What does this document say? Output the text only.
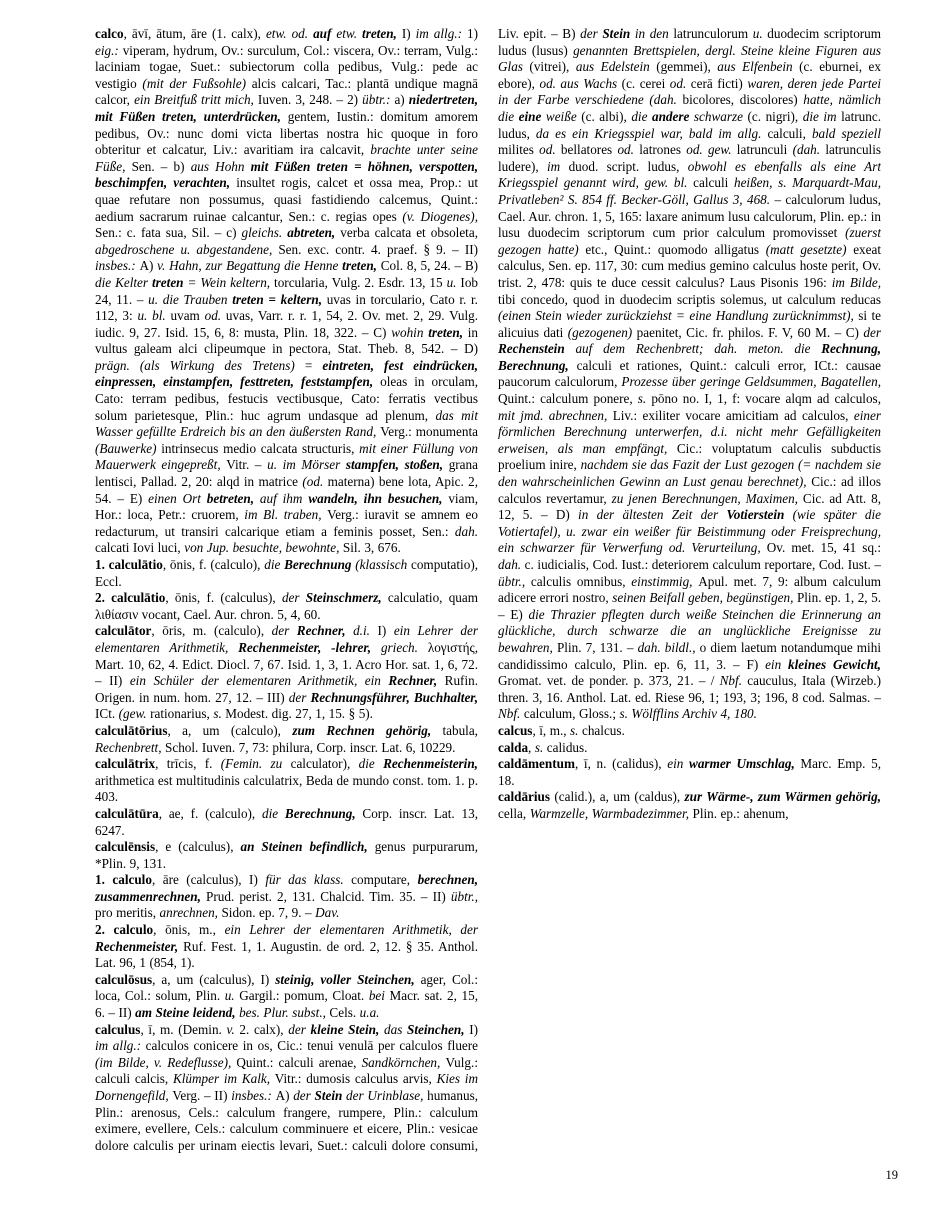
calco, āvī, ātum, āre (1. calx), etw. od. auf etw. treten, I) im allg.: 1) eig.: viperam, hydrum, Ov.: surculum, Col.: viscera, Ov.: terram, Vulg.: laciniam togae, Suet.: subiectorum colla pedibus, Vulg.: pede ac vestigio (mit der Fußsohle) alcis calcari, Tac.: plantā undique magnā calcor, ein Breitfuß tritt mich, Iuven. 3, 248. – 2) übtr.: a) niedertreten, mit Füßen treten, unterdrücken, gentem, Iustin.: domitum amorem pedibus, Ov.: nunc domi victa libertas nostra hic quoque in foro obteritur et calcatur, Liv.: avaritiam ira calcavit, brachte unter seine Füße, Sen. – b) aus Hohn mit Füßen treten = höhnen, verspotten, beschimpfen, verachten, insultet rogis, calcet et ossa mea, Prop.: ut quae refutare non possumus, quasi fastidiendo calcemus, Quint.: aedium sacrarum ruinae calcantur, Sen.: c. regias opes (v. Diogenes), Sen.: c. fata sua, Sil. – c) gleichs. abtreten, verba calcata et obsoleta, abgedroschene u. abgestandene, Sen. exc. contr. 4. praef. § 9. – II) insbes.: A) v. Hahn, zur Begattung die Henne treten, Col. 8, 5, 24. – B) die Kelter treten = Wein keltern, torcularia, Vulg. 2. Esdr. 13, 15 u. Iob 24, 11. – u. die Trauben treten = keltern, uvas in torculario, Cato r. r. 112, 3: u. bl. uvam od. uvas, Varr. r. r. 1, 54, 2. Ov. met. 2, 29. Vulg. iudic. 9, 27. Isid. 15, 6, 8: musta, Plin. 18, 322. – C) wohin treten, in vultus galeam alci clipeumque in pectora, Stat. Theb. 8, 542. – D) prägn. (als Wirkung des Tretens) = eintreten, fest eindrücken, einpressen, einstampfen, festtreten, feststampfen, oleas in orculam, Cato: terram pedibus, festucis vectibusque, Cato: ferratis vectibus solum parietesque, Plin.: huc agrum undasque ad plenum, das mit Wasser gefüllte Erdreich bis an den äußersten Rand, Verg.: monumenta (Bauwerke) intrinsecus medio calcata structuris, mit einer Füllung von Mauerwerk eingepreßt, Vitr. – u. im Mörser stampfen, stoßen, grana lentisci, Pallad. 2, 20: alqd in matrice (od. materna) bene lota, Apic. 2, 54. – E) einen Ort betreten, auf ihm wandeln, ihn besuchen, viam, Hor.: loca, Petr.: cruorem, im Bl. traben, Verg.: iuravit se amnem eo redacturum, ut transiri calcarique etiam a feminis posset, Sen.: dah. calcati Iovi luci, von Jup. besuchte, bewohnte, Sil. 3, 676.

1. calculātio, ōnis, f. (calculo), die Berechnung (klassisch computatio), Eccl.

2. calculātio, ōnis, f. (calculus), der Steinschmerz, calculatio, quam λιθίασιν vocant, Cael. Aur. chron. 5, 4, 60.

calculātor, ōris, m. (calculo), der Rechner, d.i. I) ein Lehrer der elementaren Arithmetik, Rechenmeister, -lehrer, griech. λογιστής, Mart. 10, 62, 4. Edict. Diocl. 7, 67. Isid. 1, 3, 1. Acro Hor. sat. 1, 6, 72. – II) ein Schüler der elementaren Arithmetik, ein Rechner, Rufin. Origen. in num. hom. 27, 12. – III) der Rechnungsführer, Buchhalter, ICt. (gew. rationarius, s. Modest. dig. 27, 1, 15. § 5).

calculātōrius, a, um (calculo), zum Rechnen gehörig, tabula, Rechenbrett, Schol. Iuven. 7, 73: philura, Corp. inscr. Lat. 6, 10229.

calculātrix, trīcis, f. (Femin. zu calculator), die Rechenmeisterin, arithmetica est multitudinis calculatrix, Beda de mundo const. tom. 1. p. 403.

calculātūra, ae, f. (calculo), die Berechnung, Corp. inscr. Lat. 13, 6247.

calculēnsis, e (calculus), an Steinen befindlich, genus purpurarum, *Plin. 9, 131.

1. calculo, āre (calculus), I) für das klass. computare, berechnen, zusammenrechnen, Prud. perist. 2, 131. Chalcid. Tim. 35. – II) übtr., pro meritis, anrechnen, Sidon. ep. 7, 9. – Dav.

2. calculo, ōnis, m., ein Lehrer der elementaren Arithmetik, der Rechenmeister, Ruf. Fest. 1, 1. Augustin. de ord. 2, 12. § 35. Anthol. Lat. 96, 1 (854, 1).

calculōsus, a, um (calculus), I) steinig, voller Steinchen, ager, Col.: loca, Col.: solum, Plin. u. Gargil.: pomum, Cloat. bei Macr. sat. 2, 15, 6. – II) am Steine leidend, bes. Plur. subst., Cels. u.a.

calculus, ī, m. (Demin. v. 2. calx), der kleine Stein, das Steinchen, I) im allg.: calculos conicere in os, Cic.: tenui venulā per calculos fluere (im Bilde, v. Redeflusse), Quint.: calculi arenae, Sandkörnchen, Vulg.: calculi calcis, Klümper im Kalk, Vitr.: dumosis calculus arvis, Kies im Dornengefild, Verg. – II) insbes.: A) der Stein der Urinblase, humanus, Plin.: arenosus, Cels.: calculum frangere, rumpere, Plin.: calculum eximere, evellere, Cels.: calculum comminuere et eicere, Plin.: vesicae dolore calculis per urinam eiectis levari, Suet.: calculi dolore consumi, Liv. epit. – B) der Stein in den latrunculorum u. duodecim scriptorum ludus (lusus) genannten Brettspielen, dergl. Steine kleine Figuren aus Glas (vitrei), aus Edelstein (gemmei), aus Elfenbein (c. eburnei, ex ebore), od. aus Wachs (c. cerei od. cerā ficti) waren, deren jede Partei in der Farbe verschiedene (dah. bicolores, discolores) hatte, nämlich die eine weiße (c. albi), die andere schwarze (c. nigri), die im latrunc. ludus, da es ein Kriegsspiel war, bald im allg. calculi, bald speziell milites od. bellatores od. latrones od. gew. latrunculi (dah. latrunculis ludere), im duod. script. ludus, obwohl es ebenfalls als eine Art Kriegsspiel genannt wird, gew. bl. calculi heißen, s. Marquardt-Mau, Privatleben² S. 854 ff. Becker-Göll, Gallus 3, 468. – calculorum ludus, Cael. Aur. chron. 1, 5, 165: laxare animum lusu calculorum, Plin. ep.: in lusu duodecim scriptorum cum prior calculum promovisset (zuerst gezogen hatte) etc., Quint.: quomodo alligatus (matt gesetzte) exeat calculus, Sen. ep. 117, 30: cum medius gemino calculus hoste perit, Ov. trist. 2, 478: quis te duce cessit calculus? Laus Pisonis 196: im Bilde, tibi concedo, quod in duodecim scriptis solemus, ut calculum reducas (einen Stein wieder zurückziehst = eine Handlung zurücknimmst), si te alicuius dati (gezogenen) paenitet, Cic. fr. philos. F. V, 60 M. – C) der Rechenstein auf dem Rechenbrett; dah. meton. die Rechnung, Berechnung, calculi et rationes, Quint.: calculi error, ICt.: causae paucorum calculorum, Prozesse über geringe Geldsummen, Bagatellen, Quint.: calculum ponere, s. pōno no. I, 1, f: vocare alqm ad calculos, mit jmd. abrechnen, Liv.: exiliter vocare amicitiam ad calculos, einer förmlichen Berechnung unterwerfen, d.i. nicht mehr Gefälligkeiten erweisen, als man empfängt, Cic.: voluptatum calculis subductis proelium inire, nachdem sie das Fazit der Lust gezogen (= nachdem sie den wahrscheinlichen Gewinn an Lust genau berechnet), Cic.: ad illos calculos revertamur, zu jenen Berechnungen, Maximen, Cic. ad Att. 8, 12, 5. – D) in der ältesten Zeit der Votierstein (wie später die Votiertafel), u. zwar ein weißer für Beistimmung oder Freisprechung, ein schwarzer für Verwerfung od. Verurteilung, Ov. met. 15, 41 sq.: dah. c. iudicialis, Cod. Iust.: deteriorem calculum reportare, Cod. Iust. – übtr., calculis omnibus, einstimmig, Apul. met. 7, 9: album calculum adicere errori nostro, seinen Beifall geben, begünstigen, Plin. ep. 1, 2, 5. – E) die Thrazier pflegten durch weiße Steinchen die Erinnerung an glückliche, durch schwarze die an unglückliche Ereignisse zu bewahren, Plin. 7, 131. – dah. bildl., o diem laetum notandumque mihi candidissimo calculo, Plin. ep. 6, 11, 3. – F) ein kleines Gewicht, Gromat. vet. de ponder. p. 373, 21. – / Nbf. cauculus, Itala (Wirzeb.) thren. 3, 16. Anthol. Lat. ed. Riese 96, 1; 193, 3; 196, 8 cod. Salmas. – Nbf. calculum, Gloss.; s. Wölfflins Archiv 4, 180.

calcus, ī, m., s. chalcus.

calda, s. calidus.

caldāmentum, ī, n. (calidus), ein warmer Umschlag, Marc. Emp. 5, 18.

caldārius (calid.), a, um (caldus), zur Wärme-, zum Wärmen gehörig, cella, Warmzelle, Warmbadezimmer, Plin. ep.: ahenum,

19
